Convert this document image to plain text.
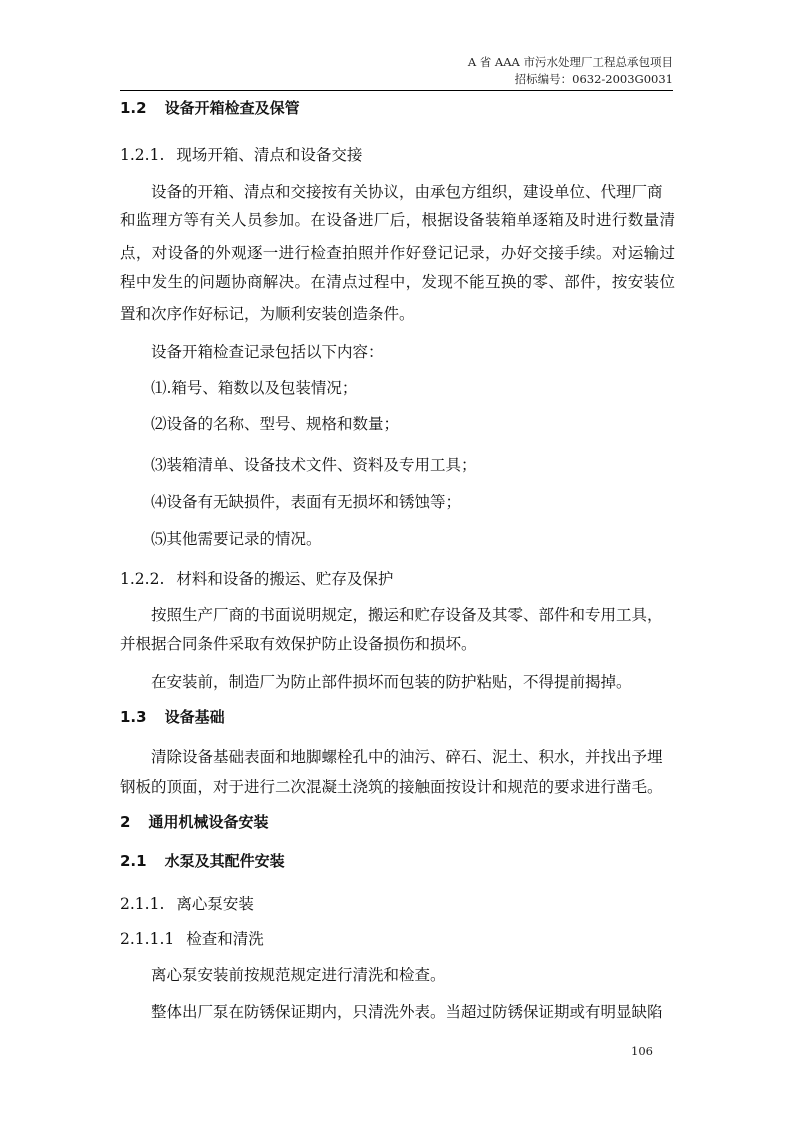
A 省 AAA 市污水处理厂工程总承包项目
招标编号：0632-2003G0031
1.2 设备开箱检查及保管
1.2.1. 现场开箱、清点和设备交接
设备的开箱、清点和交接按有关协议，由承包方组织，建设单位、代理厂商
和监理方等有关人员参加。在设备进厂后，根据设备装箱单逐箱及时进行数量清
点，对设备的外观逐一进行检查拍照并作好登记记录，办好交接手续。对运输过
程中发生的问题协商解决。在清点过程中，发现不能互换的零、部件，按安装位
置和次序作好标记，为顺利安装创造条件。
设备开箱检查记录包括以下内容：
⑴.箱号、箱数以及包装情况；
⑵设备的名称、型号、规格和数量；
⑶装箱清单、设备技术文件、资料及专用工具；
⑷设备有无缺损件，表面有无损坏和锈蚀等；
⑸其他需要记录的情况。
1.2.2. 材料和设备的搬运、贮存及保护
按照生产厂商的书面说明规定，搬运和贮存设备及其零、部件和专用工具，
并根据合同条件采取有效保护防止设备损伤和损坏。
在安装前，制造厂为防止部件损坏而包装的防护粘贴，不得提前揭掉。
1.3 设备基础
清除设备基础表面和地脚螺栓孔中的油污、碎石、泥土、积水，并找出予埋
钢板的顶面，对于进行二次混凝土浇筑的接触面按设计和规范的要求进行凿毛。
2 通用机械设备安装
2.1 水泵及其配件安装
2.1.1. 离心泵安装
2.1.1.1 检查和清洗
离心泵安装前按规范规定进行清洗和检查。
整体出厂泵在防锈保证期内，只清洗外表。当超过防锈保证期或有明显缺陷
106
